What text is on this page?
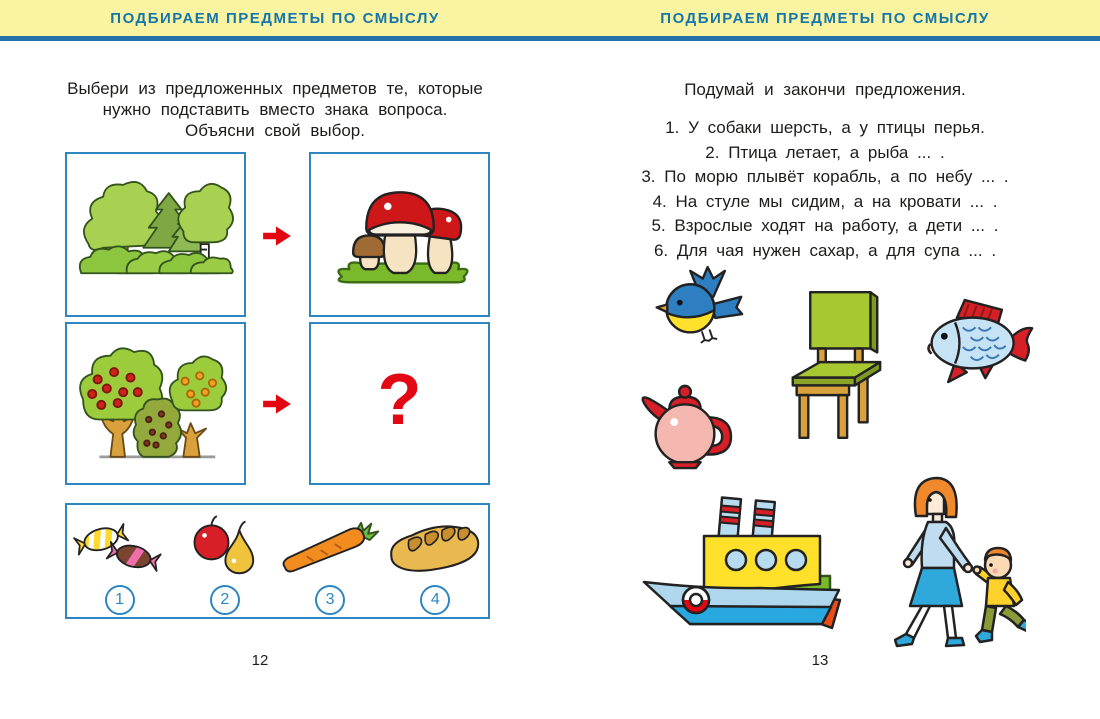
ПОДБИРАЕМ ПРЕДМЕТЫ ПО СМЫСЛУ	ПОДБИРАЕМ ПРЕДМЕТЫ ПО СМЫСЛУ
Выбери из предложенных предметов те, которые
нужно подставить вместо знака вопроса.
Объясни свой выбор.
?
1	2	3	4
12
Подумай и закончи предложения.
1. У собаки шерсть, а у птицы перья.
2. Птица летает, а рыба ... .
3. По морю плывёт корабль, а по небу ... .
4. На стуле мы сидим, а на кровати ... .
5. Взрослые ходят на работу, а дети ... .
6. Для чая нужен сахар, а для супа ... .
13
